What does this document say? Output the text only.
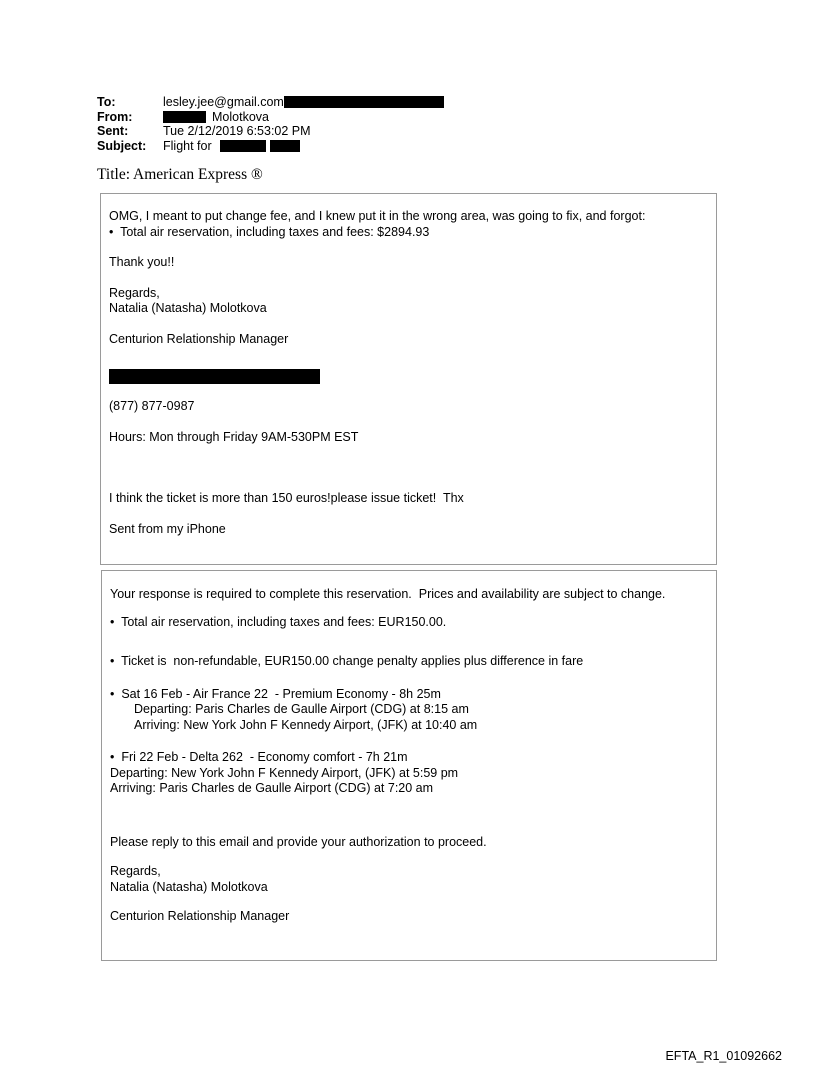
To:	lesley.jee@gmail.com
From:	Molotkova
Sent:	Tue 2/12/2019 6:53:02 PM
Subject:	Flight for
Title: American Express ®

OMG, I meant to put change fee, and I knew put it in the wrong area, was going to fix, and forgot:

•  Total air reservation, including taxes and fees: $2894.93

Thank you!!

Regards,

Natalia (Natasha) Molotkova

Centurion Relationship Manager

(877) 877-0987

Hours: Mon through Friday 9AM-530PM EST

I think the ticket is more than 150 euros!please issue ticket!  Thx

Sent from my iPhone

Your response is required to complete this reservation.  Prices and availability are subject to change.

•  Total air reservation, including taxes and fees: EUR150.00.

•  Ticket is  non-refundable, EUR150.00 change penalty applies plus difference in fare

•  Sat 16 Feb - Air France 22  - Premium Economy - 8h 25m

Departing: Paris Charles de Gaulle Airport (CDG) at 8:15 am

Arriving: New York John F Kennedy Airport, (JFK) at 10:40 am

•  Fri 22 Feb - Delta 262  - Economy comfort - 7h 21m

Departing: New York John F Kennedy Airport, (JFK) at 5:59 pm

Arriving: Paris Charles de Gaulle Airport (CDG) at 7:20 am

Please reply to this email and provide your authorization to proceed.

Regards,

Natalia (Natasha) Molotkova

Centurion Relationship Manager

EFTA_R1_01092662
